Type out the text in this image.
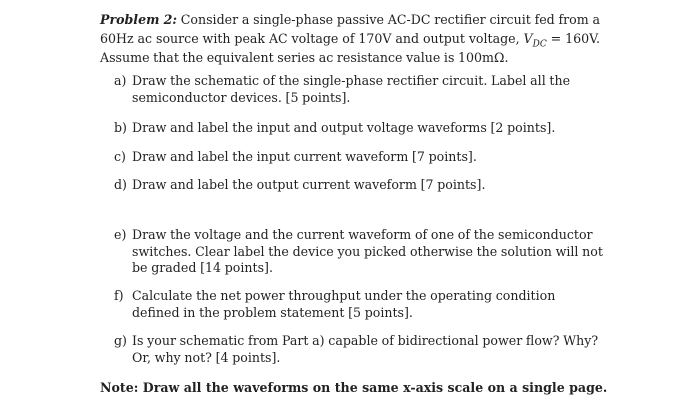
Problem 2: Consider a single-phase passive AC-DC rectifier circuit fed from a 60Hz ac source with peak AC voltage of 170V and output voltage, $V_{DC} = 160V$. Assume that the equivalent series ac resistance value is 100mΩ.
a) Draw the schematic of the single-phase rectifier circuit. Label all the semiconductor devices. [5 points].
b) Draw and label the input and output voltage waveforms [2 points].
c) Draw and label the input current waveform [7 points].
d) Draw and label the output current waveform [7 points].
e) Draw the voltage and the current waveform of one of the semiconductor switches. Clear label the device you picked otherwise the solution will not be graded [14 points].
f) Calculate the net power throughput under the operating condition defined in the problem statement [5 points].
g) Is your schematic from Part a) capable of bidirectional power flow? Why? Or, why not? [4 points].
Note: Draw all the waveforms on the same x-axis scale on a single page.
